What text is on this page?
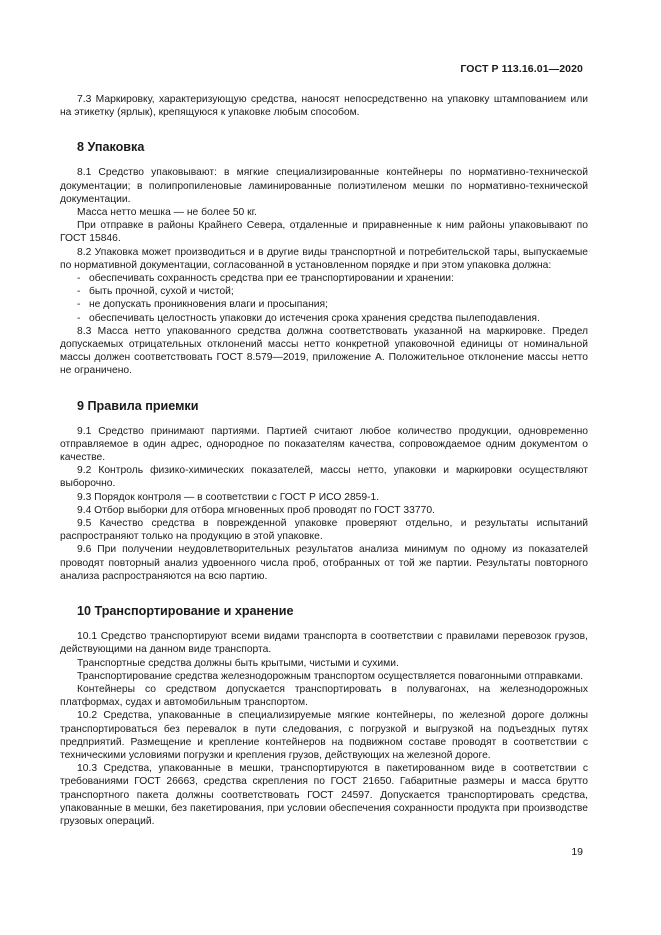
ГОСТ Р 113.16.01—2020

7.3 Маркировку, характеризующую средства, наносят непосредственно на упаковку штампованием или на этикетку (ярлык), крепящуюся к упаковке любым способом.

8 Упаковка

8.1 Средство упаковывают: в мягкие специализированные контейнеры по нормативно-технической документации; в полипропиленовые ламинированные полиэтиленом мешки по нормативно-технической документации.

Масса нетто мешка — не более 50 кг.

При отправке в районы Крайнего Севера, отдаленные и приравненные к ним районы упаковывают по ГОСТ 15846.

8.2 Упаковка может производиться и в другие виды транспортной и потребительской тары, выпускаемые по нормативной документации, согласованной в установленном порядке и при этом упаковка должна:

- обеспечивать сохранность средства при ее транспортировании и хранении:

- быть прочной, сухой и чистой;

- не допускать проникновения влаги и просыпания;

- обеспечивать целостность упаковки до истечения срока хранения средства пылеподавления.

8.3 Масса нетто упакованного средства должна соответствовать указанной на маркировке. Предел допускаемых отрицательных отклонений массы нетто конкретной упаковочной единицы от номинальной массы должен соответствовать ГОСТ 8.579—2019, приложение А. Положительное отклонение массы нетто не ограничено.

9 Правила приемки

9.1 Средство принимают партиями. Партией считают любое количество продукции, одновременно отправляемое в один адрес, однородное по показателям качества, сопровождаемое одним документом о качестве.

9.2 Контроль физико-химических показателей, массы нетто, упаковки и маркировки осуществляют выборочно.

9.3 Порядок контроля — в соответствии с ГОСТ Р ИСО 2859-1.

9.4 Отбор выборки для отбора мгновенных проб проводят по ГОСТ 33770.

9.5 Качество средства в поврежденной упаковке проверяют отдельно, и результаты испытаний распространяют только на продукцию в этой упаковке.

9.6 При получении неудовлетворительных результатов анализа минимум по одному из показателей проводят повторный анализ удвоенного числа проб, отобранных от той же партии. Результаты повторного анализа распространяются на всю партию.

10 Транспортирование и хранение

10.1 Средство транспортируют всеми видами транспорта в соответствии с правилами перевозок грузов, действующими на данном виде транспорта.

Транспортные средства должны быть крытыми, чистыми и сухими.

Транспортирование средства железнодорожным транспортом осуществляется повагонными отправками.

Контейнеры со средством допускается транспортировать в полувагонах, на железнодорожных платформах, судах и автомобильным транспортом.

10.2 Средства, упакованные в специализируемые мягкие контейнеры, по железной дороге должны транспортироваться без перевалок в пути следования, с погрузкой и выгрузкой на подъездных путях предприятий. Размещение и крепление контейнеров на подвижном составе проводят в соответствии с техническими условиями погрузки и крепления грузов, действующих на железной дороге.

10.3 Средства, упакованные в мешки, транспортируются в пакетированном виде в соответствии с требованиями ГОСТ 26663, средства скрепления по ГОСТ 21650. Габаритные размеры и масса брутто транспортного пакета должны соответствовать ГОСТ 24597. Допускается транспортировать средства, упакованные в мешки, без пакетирования, при условии обеспечения сохранности продукта при производстве грузовых операций.

19
